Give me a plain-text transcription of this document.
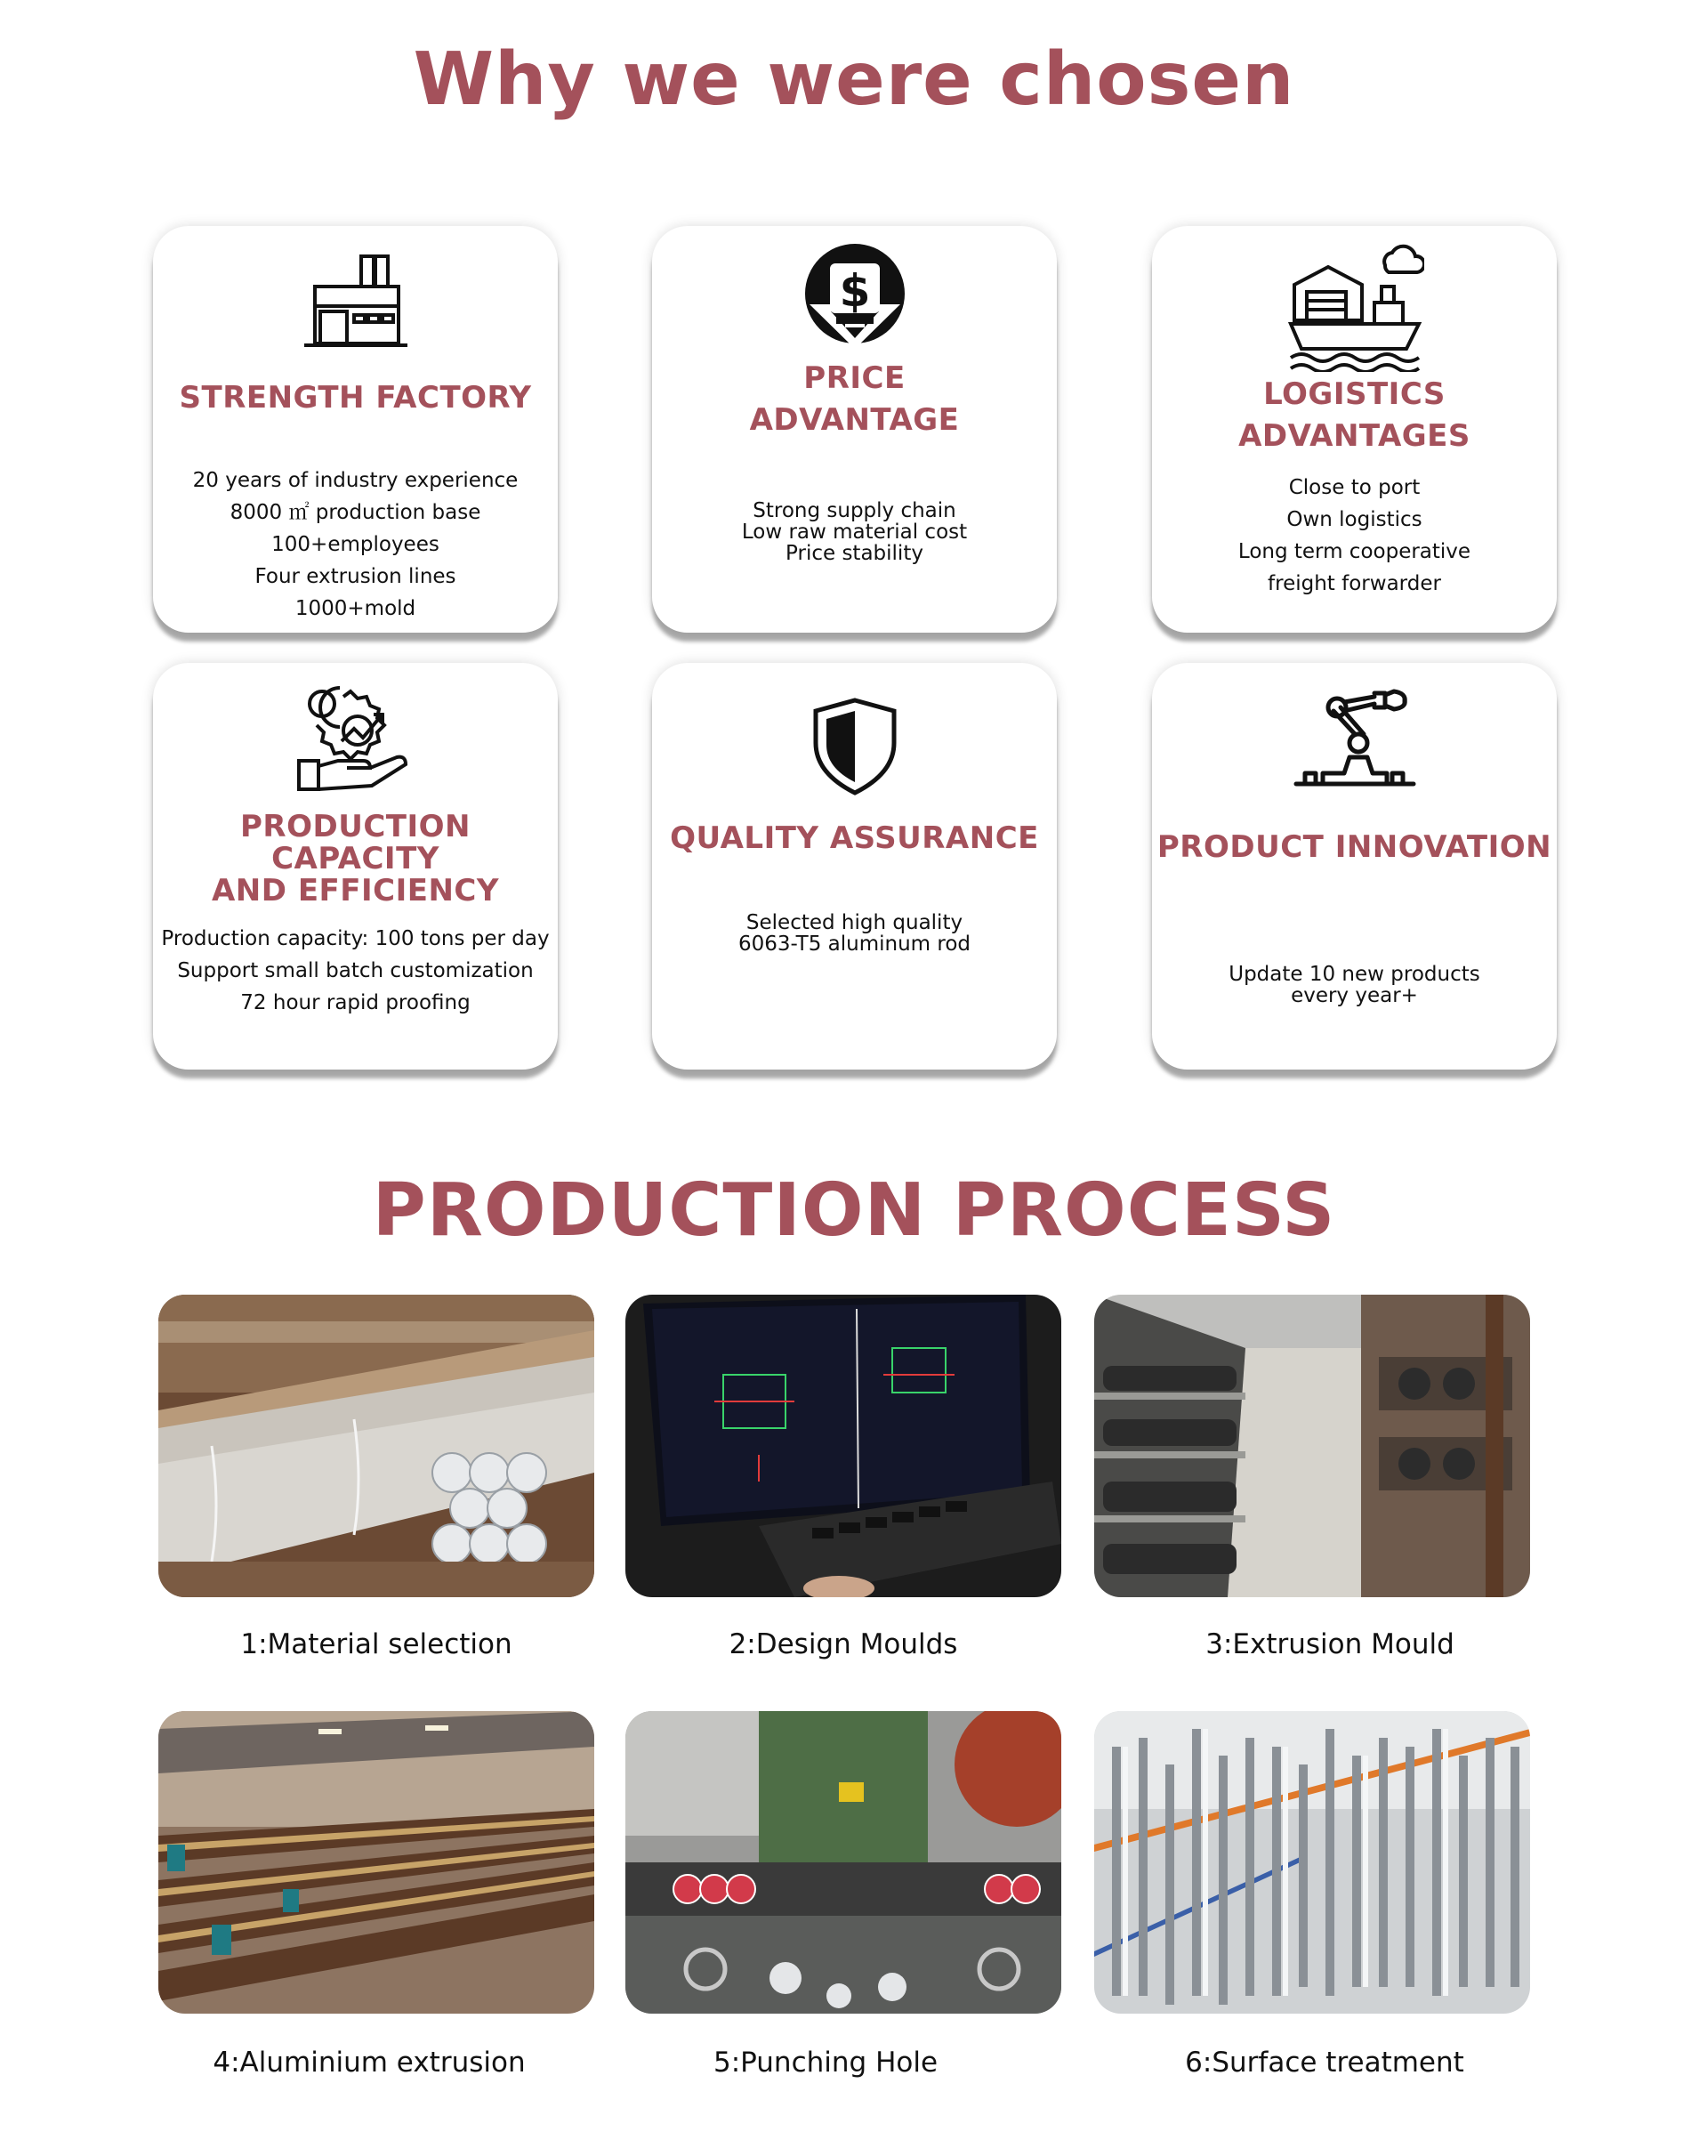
Why we were chosen
STRENGTH FACTORY
20 years of industry experience
8000 ㎡ production base
100+employees
Four extrusion lines
1000+mold
$
PRICE
ADVANTAGE
Strong supply chain
Low raw material cost
Price stability
LOGISTICS ADVANTAGES
Close to port
Own logistics
Long term cooperative
freight forwarder
PRODUCTION CAPACITY
AND EFFICIENCY
Production capacity: 100 tons per day
Support small batch customization
72 hour rapid proofing
QUALITY ASSURANCE
Selected high quality
6063-T5 aluminum rod
PRODUCT INNOVATION
Update 10 new products
every year+
PRODUCTION PROCESS
1:Material selection	2:Design Moulds	3:Extrusion Mould
4:Aluminium extrusion	5:Punching Hole	6:Surface treatment
